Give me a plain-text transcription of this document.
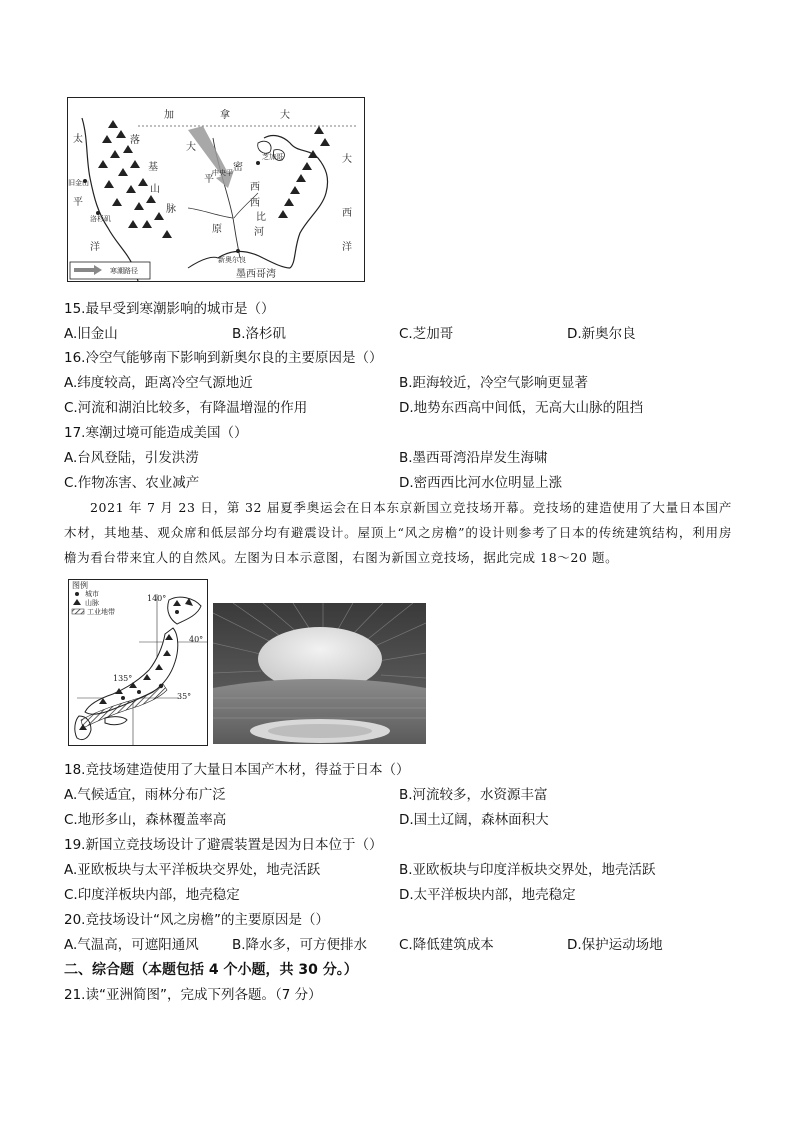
加	拿	大
太
平
洋
落
基
山
脉
大
平
原
中央平 密
西
西
比
河
芝加哥
旧金山
洛杉矶
新奥尔良
墨西哥湾
大
西
洋
寒潮路径
15.最早受到寒潮影响的城市是（）
A.旧金山	B.洛杉矶	C.芝加哥	D.新奥尔良
16.冷空气能够南下影响到新奥尔良的主要原因是（）
A.纬度较高，距离冷空气源地近	B.距海较近，冷空气影响更显著
C.河流和湖泊比较多，有降温增湿的作用	D.地势东西高中间低，无高大山脉的阻挡
17.寒潮过境可能造成美国（）
A.台风登陆，引发洪涝	B.墨西哥湾沿岸发生海啸
C.作物冻害、农业减产	D.密西西比河水位明显上涨
2021 年 7 月 23 日，第 32 届夏季奥运会在日本东京新国立竞技场开幕。竞技场的建造使用了大量日本国产木材，其地基、观众席和低层部分均有避震设计。屋顶上“风之房檐”的设计则参考了日本的传统建筑结构，利用房檐为看台带来宜人的自然风。左图为日本示意图，右图为新国立竞技场，据此完成 18～20 题。
图例
城市
山脉
工业地带
140°
40°
135°
35°
18.竞技场建造使用了大量日本国产木材，得益于日本（）
A.气候适宜，雨林分布广泛	B.河流较多，水资源丰富
C.地形多山，森林覆盖率高	D.国土辽阔，森林面积大
19.新国立竞技场设计了避震装置是因为日本位于（）
A.亚欧板块与太平洋板块交界处，地壳活跃	B.亚欧板块与印度洋板块交界处，地壳活跃
C.印度洋板块内部，地壳稳定	D.太平洋板块内部，地壳稳定
20.竞技场设计“风之房檐”的主要原因是（）
A.气温高，可遮阳通风 B.降水多，可方便排水 C.降低建筑成本	D.保护运动场地
二、综合题（本题包括 4 个小题，共 30 分。）
21.读“亚洲简图”，完成下列各题。（7 分）
